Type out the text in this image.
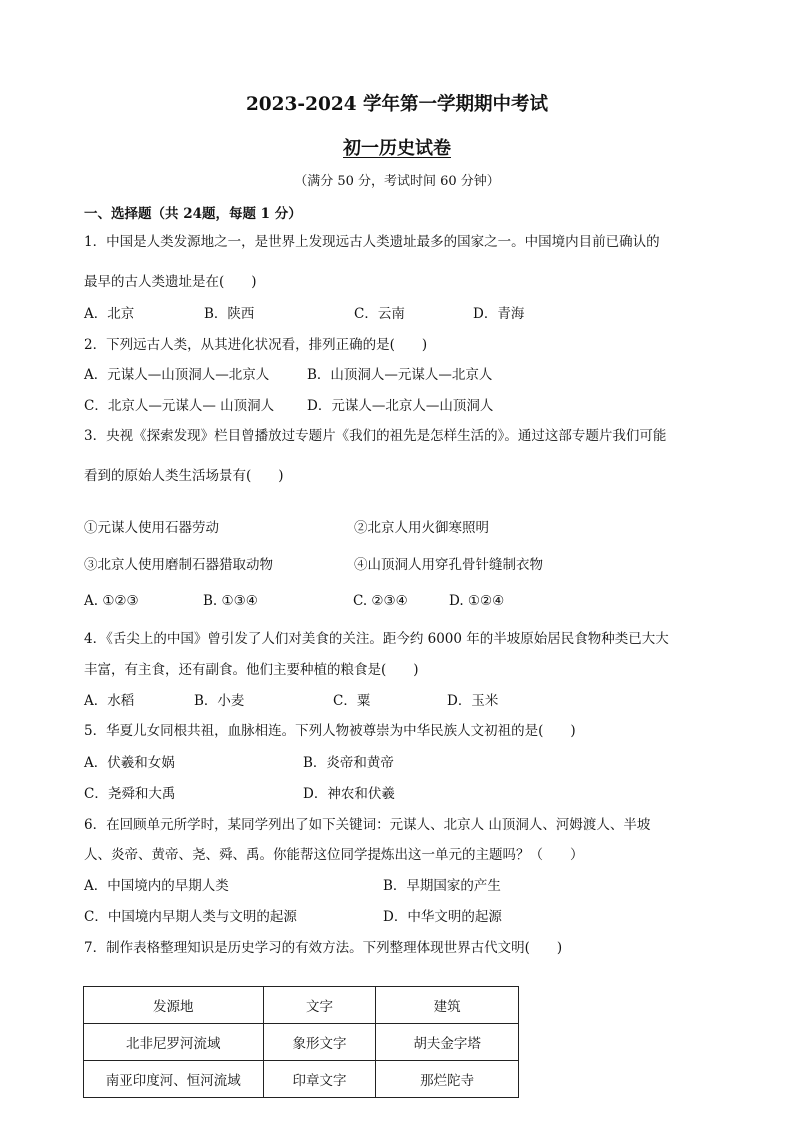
2023-2024 学年第一学期期中考试
初一历史试卷
（满分 50 分，考试时间 60 分钟）
一、选择题（共 24题，每题 1 分）
1．中国是人类发源地之一，是世界上发现远古人类遗址最多的国家之一。中国境内目前已确认的
最早的古人类遗址是在(　　)
A．北京	B．陕西	C．云南	D．青海
2．下列远古人类，从其进化状况看，排列正确的是(　　)
A．元谋人—山顶洞人—北京人	B．山顶洞人—元谋人—北京人
C．北京人—元谋人— 山顶洞人 D．元谋人—北京人—山顶洞人
3．央视《探索发现》栏目曾播放过专题片《我们的祖先是怎样生活的》。通过这部专题片我们可能
看到的原始人类生活场景有(　　)
①元谋人使用石器劳动	②北京人用火御寒照明
③北京人使用磨制石器猎取动物	④山顶洞人用穿孔骨针缝制衣物
A. ①②③	B. ①③④	C. ②③④	D. ①②④
4．《舌尖上的中国》曾引发了人们对美食的关注。距今约 6000 年的半坡原始居民食物种类已大大
丰富，有主食，还有副食。他们主要种植的粮食是(　　)
A．水稻	B．小麦	C．粟	D．玉米
5．华夏儿女同根共祖，血脉相连。下列人物被尊崇为中华民族人文初祖的是(　　)
A．伏羲和女娲	B．炎帝和黄帝
C．尧舜和大禹	D．神农和伏羲
6．在回顾单元所学时，某同学列出了如下关键词：元谋人、北京人 山顶洞人、河姆渡人、半坡
人、炎帝、黄帝、尧、舜、禹。你能帮这位同学提炼出这一单元的主题吗？（　　）
A．中国境内的早期人类	B．早期国家的产生
C．中国境内早期人类与文明的起源	D．中华文明的起源
7．制作表格整理知识是历史学习的有效方法。下列整理体现世界古代文明(　　)
发源地	文字	建筑
北非尼罗河流域	象形文字	胡夫金字塔
南亚印度河、恒河流域	印章文字	那烂陀寺
